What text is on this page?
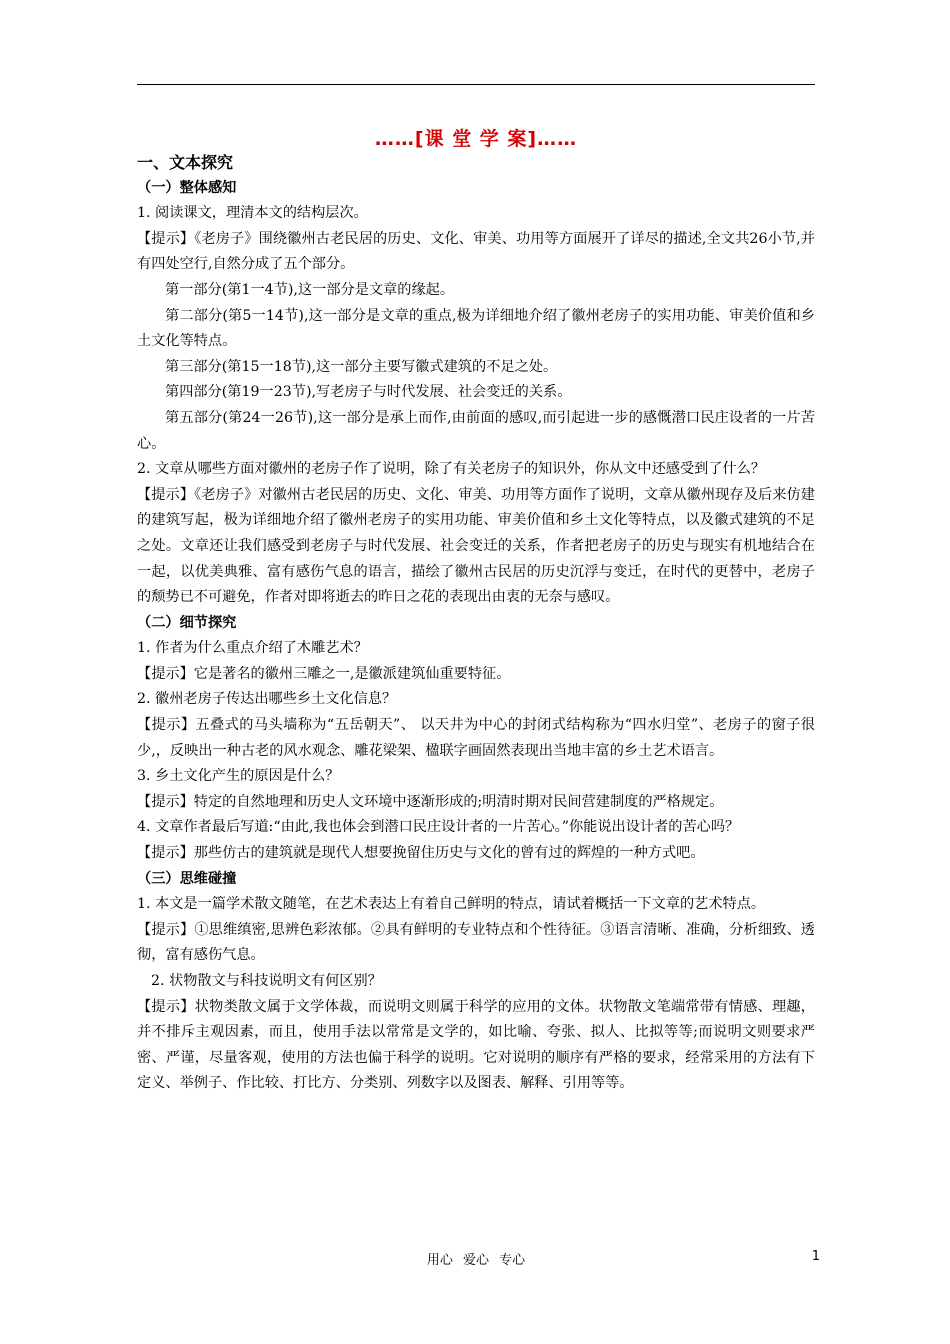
……[课 堂 学 案]……

一、文本探究

（一）整体感知

1. 阅读课文，理清本文的结构层次。

【提示】《老房子》围绕徽州古老民居的历史、文化、审美、功用等方面展开了详尽的描述,全文共26小节,并有四处空行,自然分成了五个部分。

第一部分(第1一4节),这一部分是文章的缘起。

第二部分(第5一14节),这一部分是文章的重点,极为详细地介绍了徽州老房子的实用功能、审美价值和乡土文化等特点。

第三部分(第15一18节),这一部分主要写徽式建筑的不足之处。

第四部分(第19一23节),写老房子与时代发展、社会变迁的关系。

第五部分(第24一26节),这一部分是承上而作,由前面的感叹,而引起进一步的感慨潜口民庄设者的一片苦心。

2. 文章从哪些方面对徽州的老房子作了说明，除了有关老房子的知识外，你从文中还感受到了什么？

【提示】《老房子》对徽州古老民居的历史、文化、审美、功用等方面作了说明，文章从徽州现存及后来仿建的建筑写起，极为详细地介绍了徽州老房子的实用功能、审美价值和乡土文化等特点，以及徽式建筑的不足之处。文章还让我们感受到老房子与时代发展、社会变迁的关系，作者把老房子的历史与现实有机地结合在一起，以优美典雅、富有感伤气息的语言，描绘了徽州古民居的历史沉浮与变迁，在时代的更替中，老房子的颓势已不可避免，作者对即将逝去的昨日之花的表现出由衷的无奈与感叹。

（二）细节探究

1. 作者为什么重点介绍了木雕艺术？

【提示】它是著名的徽州三雕之一,是徽派建筑仙重要特征。

2. 徽州老房子传达出哪些乡土文化信息？

【提示】五叠式的马头墙称为“五岳朝天”、 以天井为中心的封闭式结构称为“四水归堂”、老房子的窗子很少,，反映出一种古老的风水观念、雕花梁架、楹联字画固然表现出当地丰富的乡土艺术语言。

3. 乡土文化产生的原因是什么？

【提示】特定的自然地理和历史人文环境中逐渐形成的;明清时期对民间营建制度的严格规定。

4. 文章作者最后写道:“由此,我也体会到潜口民庄设计者的一片苦心。”你能说出设计者的苦心吗？

【提示】那些仿古的建筑就是现代人想要挽留住历史与文化的曾有过的辉煌的一种方式吧。

（三）思维碰撞

1. 本文是一篇学术散文随笔，在艺术表达上有着自己鲜明的特点，请试着概括一下文章的艺术特点。

【提示】①思维缜密,思辨色彩浓郁。②具有鲜明的专业特点和个性待征。③语言清晰、准确，分析细致、透彻，富有感伤气息。

2. 状物散文与科技说明文有何区别？

【提示】状物类散文属于文学体裁，而说明文则属于科学的应用的文体。状物散文笔端常带有情感、理趣，并不排斥主观因素，而且，使用手法以常常是文学的，如比喻、夸张、拟人、比拟等等;而说明文则要求严密、严谨，尽量客观，使用的方法也偏于科学的说明。它对说明的顺序有严格的要求，经常采用的方法有下定义、举例子、作比较、打比方、分类别、列数字以及图表、解释、引用等等。

用心 爱心 专心	1
